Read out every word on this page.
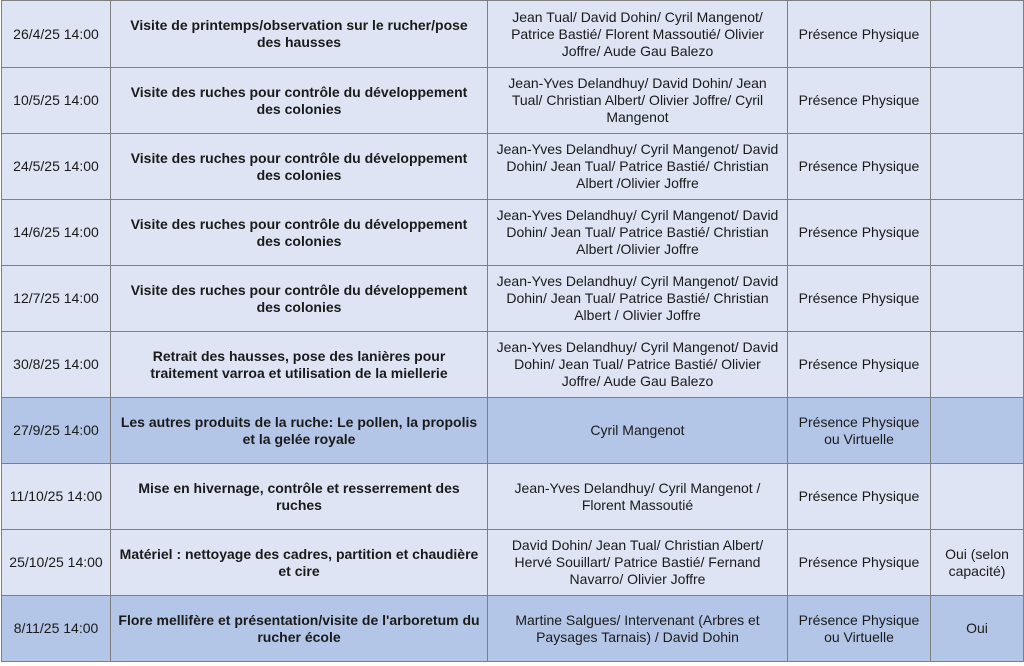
26/4/25 14:00	Visite de printemps/observation sur le rucher/pose des hausses	Jean Tual/ David Dohin/ Cyril Mangenot/ Patrice Bastié/ Florent Massoutié/ Olivier Joffre/ Aude Gau Balezo	Présence Physique	
10/5/25 14:00	Visite des ruches pour contrôle du développement des colonies	Jean-Yves Delandhuy/ David Dohin/ Jean Tual/ Christian Albert/ Olivier Joffre/ Cyril Mangenot	Présence Physique	
24/5/25 14:00	Visite des ruches pour contrôle du développement des colonies	Jean-Yves Delandhuy/ Cyril Mangenot/ David Dohin/ Jean Tual/ Patrice Bastié/ Christian Albert /Olivier Joffre	Présence Physique	
14/6/25 14:00	Visite des ruches pour contrôle du développement des colonies	Jean-Yves Delandhuy/ Cyril Mangenot/ David Dohin/ Jean Tual/ Patrice Bastié/ Christian Albert /Olivier Joffre	Présence Physique	
12/7/25 14:00	Visite des ruches pour contrôle du développement des colonies	Jean-Yves Delandhuy/ Cyril Mangenot/ David Dohin/ Jean Tual/ Patrice Bastié/ Christian Albert / Olivier Joffre	Présence Physique	
30/8/25 14:00	Retrait des hausses, pose des lanières pour traitement varroa et utilisation de la miellerie	Jean-Yves Delandhuy/ Cyril Mangenot/ David Dohin/ Jean Tual/ Patrice Bastié/ Olivier Joffre/ Aude Gau Balezo	Présence Physique	
27/9/25 14:00	Les autres produits de la ruche: Le pollen, la propolis et la gelée royale	Cyril Mangenot	Présence Physique ou Virtuelle	
11/10/25 14:00	Mise en hivernage, contrôle et resserrement des ruches	Jean-Yves Delandhuy/ Cyril Mangenot / Florent Massoutié	Présence Physique	
25/10/25 14:00	Matériel : nettoyage des cadres, partition et chaudière et cire	David Dohin/ Jean Tual/ Christian Albert/ Hervé Souillart/ Patrice Bastié/ Fernand Navarro/ Olivier Joffre	Présence Physique	Oui (selon capacité)
8/11/25 14:00	Flore mellifère et présentation/visite de l'arboretum du rucher école	Martine Salgues/ Intervenant (Arbres et Paysages Tarnais) / David Dohin	Présence Physique ou Virtuelle	Oui
